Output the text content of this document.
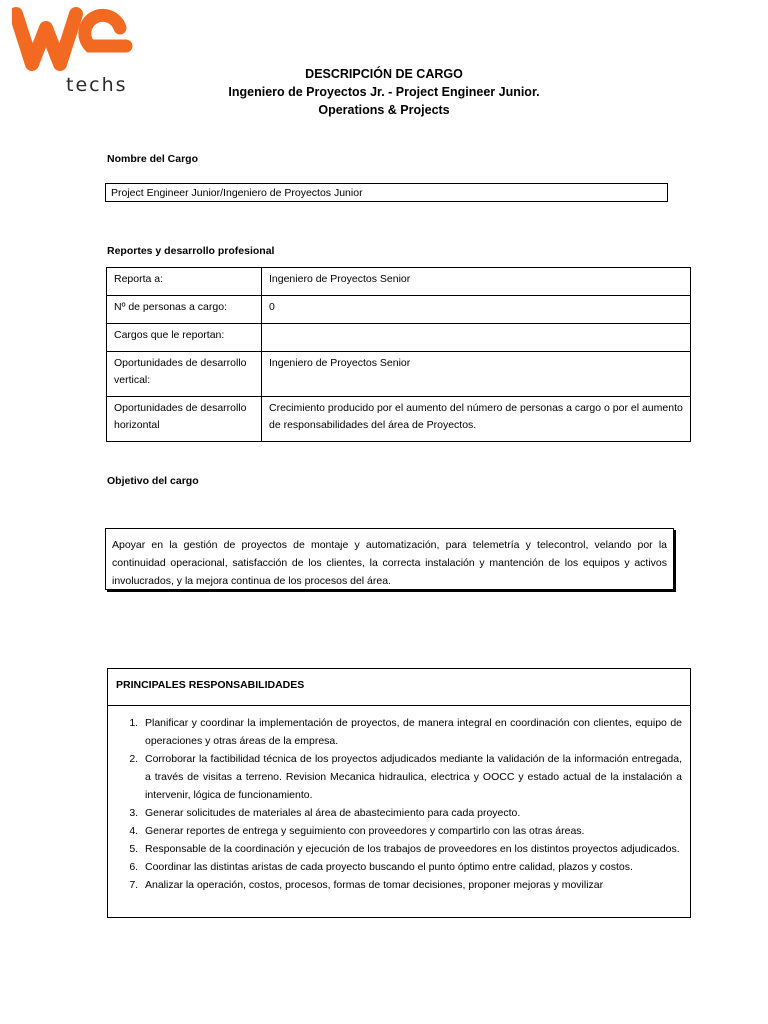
techs	DESCRIPCIÓN DE CARGO
Ingeniero de Proyectos Jr. - Project Engineer Junior.
Operations & Projects
Nombre del Cargo
Project Engineer Junior/Ingeniero de Proyectos Junior
Reportes y desarrollo profesional
Reporta a:	Ingeniero de Proyectos Senior
Nº de personas a cargo:	0
Cargos que le reportan:	
Oportunidades de desarrollo vertical:	Ingeniero de Proyectos Senior
Oportunidades de desarrollo horizontal	Crecimiento producido por el aumento del número de personas a cargo o por el aumento de responsabilidades del área de Proyectos.
Objetivo del cargo
Apoyar en la gestión de proyectos de montaje y automatización, para telemetría y telecontrol, velando por la continuidad operacional, satisfacción de los clientes, la correcta instalación y mantención de los equipos y activos involucrados, y la mejora continua de los procesos del área.
PRINCIPALES RESPONSABILIDADES
1. Planificar y coordinar la implementación de proyectos, de manera integral en coordinación con clientes, equipo de operaciones y otras áreas de la empresa.
2. Corroborar la factibilidad técnica de los proyectos adjudicados mediante la validación de la información entregada, a través de visitas a terreno. Revision Mecanica hidraulica, electrica y OOCC y estado actual de la instalación a intervenir, lógica de funcionamiento.
3. Generar solicitudes de materiales al área de abastecimiento para cada proyecto.
4. Generar reportes de entrega y seguimiento con proveedores y compartirlo con las otras áreas.
5. Responsable de la coordinación y ejecución de los trabajos de proveedores en los distintos proyectos adjudicados.
6. Coordinar las distintas aristas de cada proyecto buscando el punto óptimo entre calidad, plazos y costos.
7. Analizar la operación, costos, procesos, formas de tomar decisiones, proponer mejoras y movilizar
